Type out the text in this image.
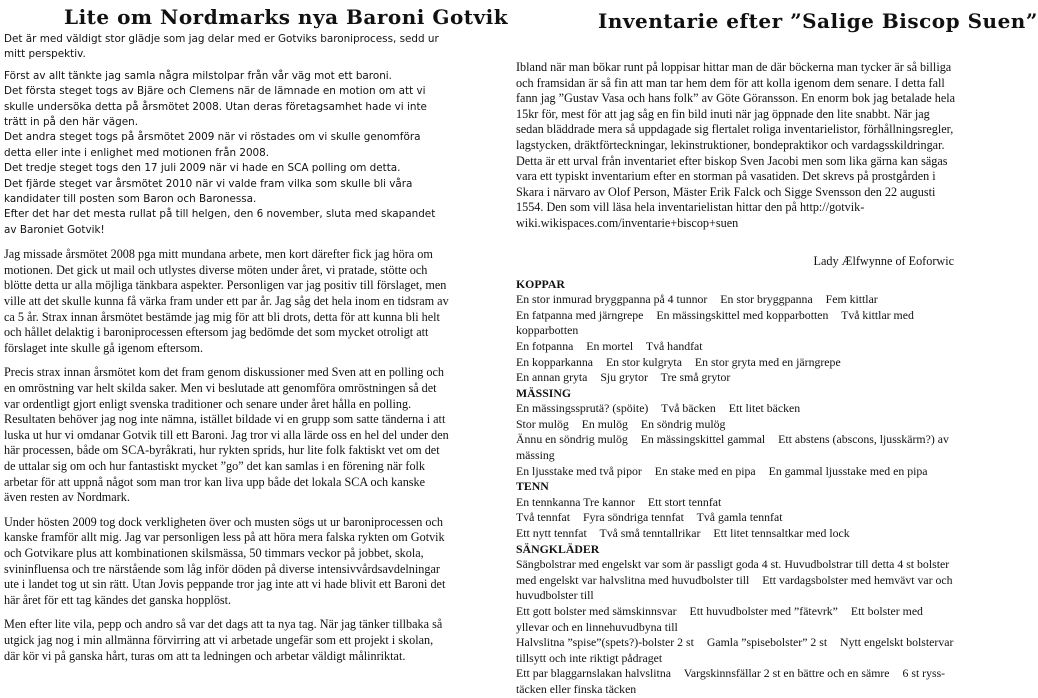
Lite om Nordmarks nya Baroni Gotvik

Det är med väldigt stor glädje som jag delar med er Gotviks baroniprocess, sedd ur mitt perspektiv.

Först av allt tänkte jag samla några milstolpar från vår väg mot ett baroni.

Det första steget togs av Bjäre och Clemens när de lämnade en motion om att vi skulle undersöka detta på årsmötet 2008. Utan deras företagsamhet hade vi inte trätt in på den här vägen.

Det andra steget togs på årsmötet 2009 när vi röstades om vi skulle genomföra detta eller inte i enlighet med motionen från 2008.

Det tredje steget togs den 17 juli 2009 när vi hade en SCA polling om detta.

Det fjärde steget var årsmötet 2010 när vi valde fram vilka som skulle bli våra kandidater till posten som Baron och Baronessa.

Efter det har det mesta rullat på till helgen, den 6 november, sluta med skapandet av Baroniet Gotvik!

Jag missade årsmötet 2008 pga mitt mundana arbete, men kort därefter fick jag höra om motionen. Det gick ut mail och utlystes diverse möten under året, vi pratade, stötte och blötte detta ur alla möjliga tänkbara aspekter. Personligen var jag positiv till förslaget, men ville att det skulle kunna få värka fram under ett par år. Jag såg det hela inom en tidsram av ca 5 år. Strax innan årsmötet bestämde jag mig för att bli drots, detta för att kunna bli helt och hållet delaktig i baroniprocessen eftersom jag bedömde det som mycket otroligt att förslaget inte skulle gå igenom eftersom.

Precis strax innan årsmötet kom det fram genom diskussioner med Sven att en polling och en omröstning var helt skilda saker. Men vi beslutade att genomföra omröstningen så det var ordentligt gjort enligt svenska traditioner och senare under året hålla en polling. Resultaten behöver jag nog inte nämna, istället bildade vi en grupp som satte tänderna i att luska ut hur vi omdanar Gotvik till ett Baroni. Jag tror vi alla lärde oss en hel del under den här processen, både om SCA-byråkrati, hur rykten sprids, hur lite folk faktiskt vet om det de uttalar sig om och hur fantastiskt mycket ”go” det kan samlas i en förening när folk arbetar för att uppnå något som man tror kan liva upp både det lokala SCA och kanske även resten av Nordmark.

Under hösten 2009 tog dock verkligheten över och musten sögs ut ur baroniprocessen och kanske framför allt mig. Jag var personligen less på att höra mera falska rykten om Gotvik och Gotvikare plus att kombinationen skilsmässa, 50 timmars veckor på jobbet, skola, svininfluensa och tre närstående som låg inför döden på diverse intensivvårdsavdelningar ute i landet tog ut sin rätt. Utan Jovis peppande tror jag inte att vi hade blivit ett Baroni det här året för ett tag kändes det ganska hopplöst.

Men efter lite vila, pepp och andro så var det dags att ta nya tag. När jag tänker tillbaka så utgick jag nog i min allmänna förvirring att vi arbetade ungefär som ett projekt i skolan, där kör vi på ganska hårt, turas om att ta ledningen och arbetar väldigt målinriktat.

Inventarie efter ”Salige Biscop Suen”

Ibland när man bökar runt på loppisar hittar man de där böckerna man tycker är så billiga och framsidan är så fin att man tar hem dem för att kolla igenom dem senare. I detta fall fann jag ”Gustav Vasa och hans folk” av Göte Göransson. En enorm bok jag betalade hela 15kr för, mest för att jag såg en fin bild inuti när jag öppnade den lite snabbt. När jag sedan bläddrade mera så uppdagade sig flertalet roliga inventarielistor, förhållningsregler, lagstycken, dräktförteckningar, lekinstruktioner, bondepraktikor och vardagsskildringar. Detta är ett urval från inventariet efter biskop Sven Jacobi men som lika gärna kan sägas vara ett typiskt inventarium efter en storman på vasatiden. Det skrevs på prostgården i Skara i närvaro av Olof Person, Mäster Erik Falck och Sigge Svensson den 22 augusti 1554. Den som vill läsa hela inventarielistan hittar den på http://gotvik-wiki.wikispaces.com/inventarie+biscop+suen

Lady Ælfwynne of Eoforwic
KOPPAR
En stor inmurad bryggpanna på 4 tunnor En stor bryggpanna Fem kittlar
En fatpanna med järngrepe En mässingskittel med kopparbotten Två kittlar med kopparbotten
En fotpanna En mortel Två handfat
En kopparkanna En stor kulgryta En stor gryta med en järngrepe
En annan gryta Sju grytor Tre små grytor
MÄSSING
En mässingssprutä? (spöite) Två bäcken Ett litet bäcken
Stor mulög En mulög En söndrig mulög
Ännu en söndrig mulög En mässingskittel gammal Ett abstens (abscons, ljusskärm?) av mässing
En ljusstake med två pipor En stake med en pipa En gammal ljusstake med en pipa
TENN
En tennkanna Tre kannor Ett stort tennfat
Två tennfat Fyra söndriga tennfat Två gamla tennfat
Ett nytt tennfat Två små tenntallrikar Ett litet tennsaltkar med lock
SÄNGKLÄDER
Sängbolstrar med engelskt var som är passligt goda 4 st. Huvudbolstrar till detta 4 st bolster med engelskt var halvslitna med huvudbolster till Ett vardagsbolster med hemvävt var och huvudbolster till
Ett gott bolster med sämskinnsvar Ett huvudbolster med ”fätevrk” Ett bolster med yllevar och en linnehuvudbyna till
Halvslitna ”spise”(spets?)-bolster 2 st Gamla ”spisebolster” 2 st Nytt engelskt bolstervar tillsytt och inte riktigt pådraget
Ett par blaggarnslakan halvslitna Vargskinnsfällar 2 st en bättre och en sämre 6 st ryss-täcken eller finska täcken
